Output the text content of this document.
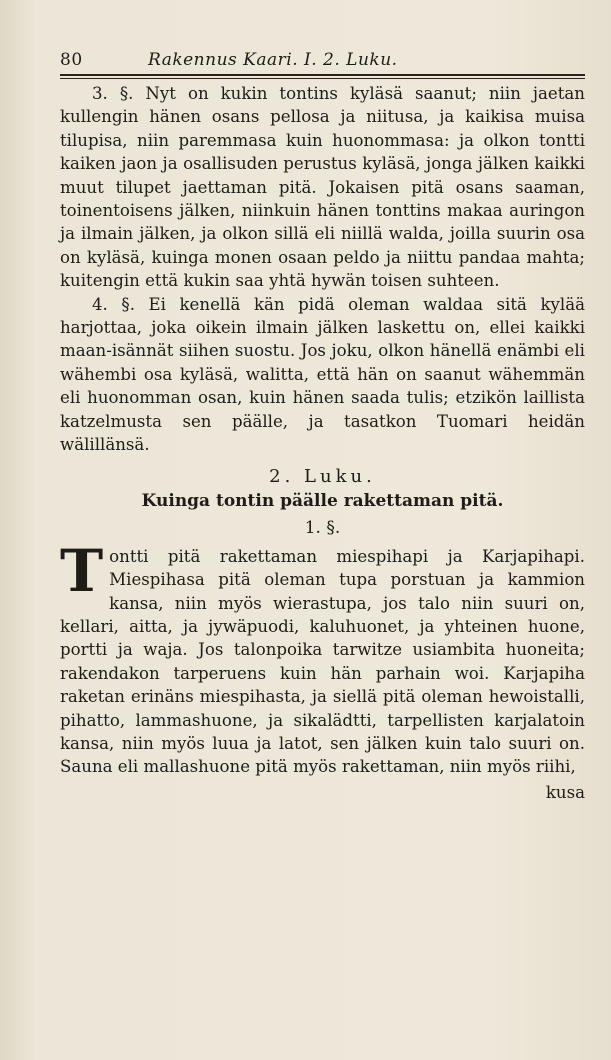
80	Rakennus Kaari. I. 2. Luku.

3. §. Nyt on kukin tontins kyläsä saanut; niin jaetan kullengin hänen osans pellosa ja niitusa, ja kaikisa muisa tilupisa, niin paremmasa kuin huonommasa: ja olkon tontti kaiken jaon ja osallisuden perustus kyläsä, jonga jälken kaikki muut tilupet jaettaman pitä. Jokaisen pitä osans saaman, toinentoisens jälken, niinkuin hänen tonttins makaa auringon ja ilmain jälken, ja olkon sillä eli niillä walda, joilla suurin osa on kyläsä, kuinga monen osaan peldo ja niittu pandaa mahta; kuitengin että kukin saa yhtä hywän toisen suhteen.

4. §. Ei kenellä kän pidä oleman waldaa sitä kylää harjottaa, joka oikein ilmain jälken laskettu on, ellei kaikki maan-isännät siihen suostu. Jos joku, olkon hänellä enämbi eli wähembi osa kyläsä, walitta, että hän on saanut wähemmän eli huonomman osan, kuin hänen saada tulis; etzikön laillista katzelmusta sen päälle, ja tasatkon Tuomari heidän wälillänsä.

2. Luku.
Kuinga tontin päälle rakettaman pitä.
1. §.
T ontti pitä rakettaman miespihapi ja Karjapihapi. Miespihasa pitä oleman tupa porstuan ja kammion kansa, niin myös wierastupa, jos talo niin suuri on, kellari, aitta, ja jywäpuodi, kaluhuonet, ja yhteinen huone, portti ja waja. Jos talonpoika tarwitze usiambita huoneita; rakendakon tarperuens kuin hän parhain woi. Karjapiha raketan erinäns miespihasta, ja siellä pitä oleman hewoistalli, pihatto, lammashuone, ja sikalädtti, tarpellisten karjalatoin kansa, niin myös luua ja latot, sen jälken kuin talo suuri on. Sauna eli mallashuone pitä myös rakettaman, niin myös riihi,

kusa
